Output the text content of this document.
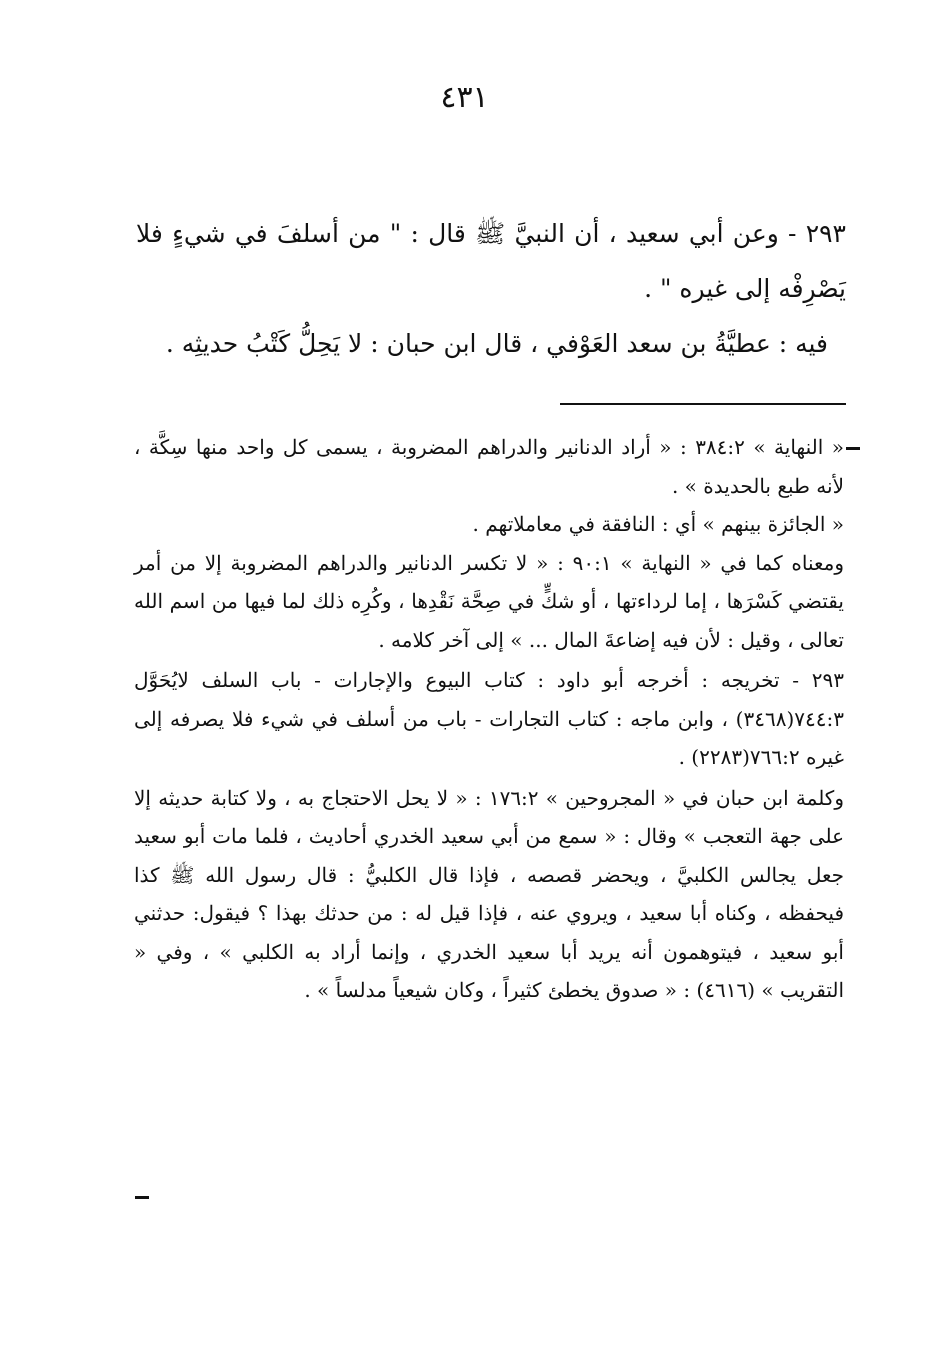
٤٣١

٢٩٣ - وعن أبي سعيد ، أن النبيَّ ﷺ قال : " من أسلفَ في شيءٍ فلا يَصْرِفْه إلى غيره " .

فيه : عطيَّةُ بن سعد العَوْفي ، قال ابن حبان : لا يَحِلُّ كَتْبُ حديثِه .

« النهاية » ٣٨٤:٢ : « أراد الدنانير والدراهم المضروبة ، يسمى كل واحد منها سِكَّة ، لأنه طبع بالحديدة » .

« الجائزة بينهم » أي : النافقة في معاملاتهم .

ومعناه كما في « النهاية » ٩٠:١ : « لا تكسر الدنانير والدراهم المضروبة إلا من أمر يقتضي كَسْرَها ، إما لرداءتها ، أو شكٍّ في صِحَّة نَقْدِها ، وكُرِه ذلك لما فيها من اسم الله تعالى ، وقيل : لأن فيه إضاعةَ المال ... » إلى آخر كلامه .

٢٩٣ - تخريجه : أخرجه أبو داود : كتاب البيوع والإجارات - باب السلف لايُحَوَّل ٧٤٤:٣(٣٤٦٨) ، وابن ماجه : كتاب التجارات - باب من أسلف في شيء فلا يصرفه إلى غيره ٧٦٦:٢(٢٢٨٣) .

وكلمة ابن حبان في « المجروحين » ١٧٦:٢ : « لا يحل الاحتجاج به ، ولا كتابة حديثه إلا على جهة التعجب » وقال : « سمع من أبي سعيد الخدري أحاديث ، فلما مات أبو سعيد جعل يجالس الكلبيَّ ، ويحضر قصصه ، فإذا قال الكلبيُّ : قال رسول الله ﷺ كذا فيحفظه ، وكناه أبا سعيد ، ويروي عنه ، فإذا قيل له : من حدثك بهذا ؟ فيقول: حدثني أبو سعيد ، فيتوهمون أنه يريد أبا سعيد الخدري ، وإنما أراد به الكلبي » ، وفي « التقريب » (٤٦١٦) : « صدوق يخطئ كثيراً ، وكان شيعياً مدلساً » .
